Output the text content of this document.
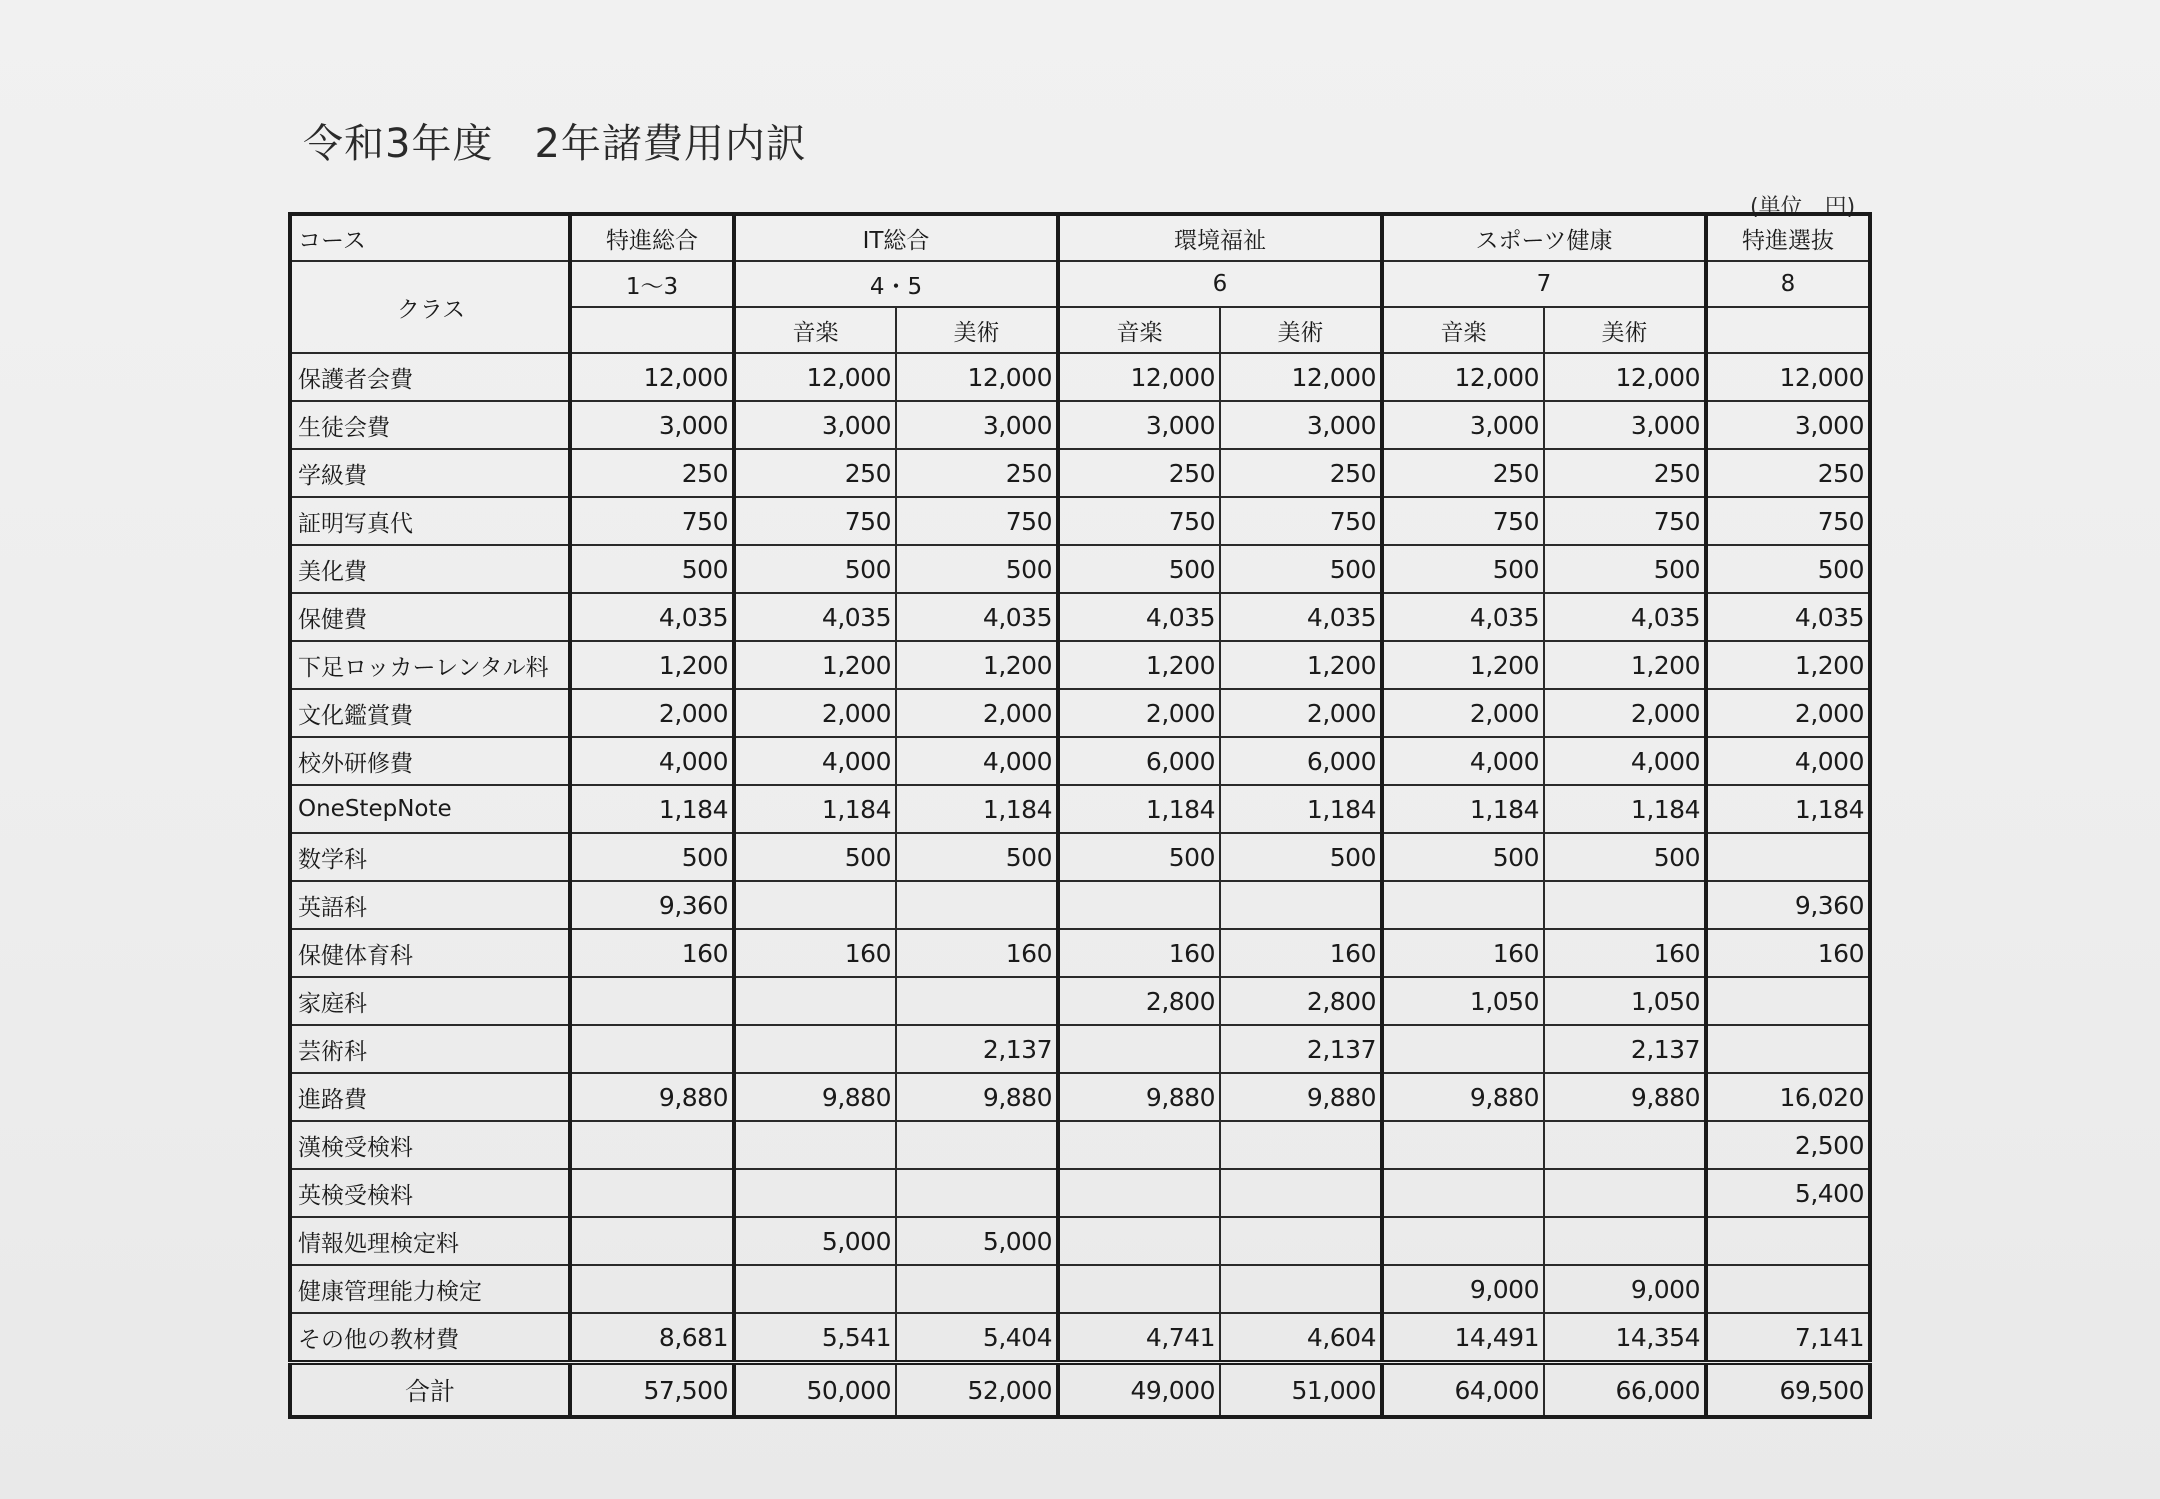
令和3年度　2年諸費用内訳
(単位　円)
コース	特進総合	IT総合		環境福祉		スポーツ健康		特進選抜
クラス	1〜3	4・5		6		7		8
		音楽	美術	音楽	美術	音楽	美術	
保護者会費	12,000	12,000	12,000	12,000	12,000	12,000	12,000	12,000
生徒会費	3,000	3,000	3,000	3,000	3,000	3,000	3,000	3,000
学級費	250	250	250	250	250	250	250	250
証明写真代	750	750	750	750	750	750	750	750
美化費	500	500	500	500	500	500	500	500
保健費	4,035	4,035	4,035	4,035	4,035	4,035	4,035	4,035
下足ロッカーレンタル料	1,200	1,200	1,200	1,200	1,200	1,200	1,200	1,200
文化鑑賞費	2,000	2,000	2,000	2,000	2,000	2,000	2,000	2,000
校外研修費	4,000	4,000	4,000	6,000	6,000	4,000	4,000	4,000
OneStepNote	1,184	1,184	1,184	1,184	1,184	1,184	1,184	1,184
数学科	500	500	500	500	500	500	500	
英語科	9,360							9,360
保健体育科	160	160	160	160	160	160	160	160
家庭科				2,800	2,800	1,050	1,050	
芸術科			2,137		2,137		2,137	
進路費	9,880	9,880	9,880	9,880	9,880	9,880	9,880	16,020
漢検受検料								2,500
英検受検料								5,400
情報処理検定料		5,000	5,000					
健康管理能力検定						9,000	9,000	
その他の教材費	8,681	5,541	5,404	4,741	4,604	14,491	14,354	7,141
合計	57,500	50,000	52,000	49,000	51,000	64,000	66,000	69,500
